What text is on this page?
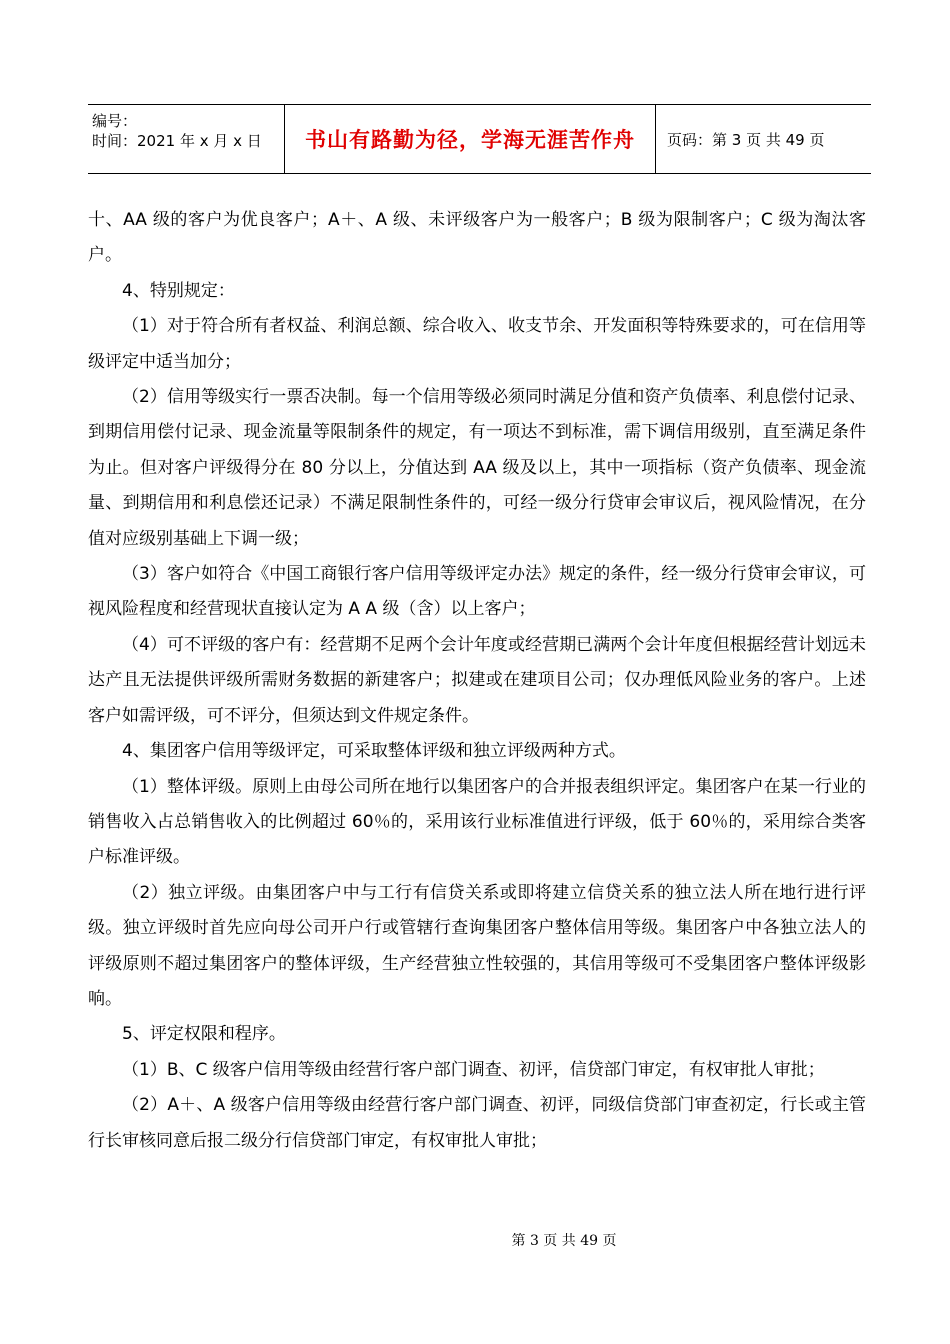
编号：
时间：2021 年 x 月 x 日	书山有路勤为径，学海无涯苦作舟 页码：第 3 页 共 49 页

十、AA 级的客户为优良客户；A＋、A 级、未评级客户为一般客户；B 级为限制客户；C 级为淘汰客户。

4、特别规定：

（1）对于符合所有者权益、利润总额、综合收入、收支节余、开发面积等特殊要求的，可在信用等级评定中适当加分；

（2）信用等级实行一票否决制。每一个信用等级必须同时满足分值和资产负债率、利息偿付记录、到期信用偿付记录、现金流量等限制条件的规定，有一项达不到标准，需下调信用级别，直至满足条件为止。但对客户评级得分在 80 分以上，分值达到 AA 级及以上，其中一项指标（资产负债率、现金流量、到期信用和利息偿还记录）不满足限制性条件的，可经一级分行贷审会审议后，视风险情况，在分值对应级别基础上下调一级；

（3）客户如符合《中国工商银行客户信用等级评定办法》规定的条件，经一级分行贷审会审议，可视风险程度和经营现状直接认定为 A A 级（含）以上客户；

（4）可不评级的客户有：经营期不足两个会计年度或经营期已满两个会计年度但根据经营计划远未达产且无法提供评级所需财务数据的新建客户；拟建或在建项目公司；仅办理低风险业务的客户。上述客户如需评级，可不评分，但须达到文件规定条件。

4、集团客户信用等级评定，可采取整体评级和独立评级两种方式。

（1）整体评级。原则上由母公司所在地行以集团客户的合并报表组织评定。集团客户在某一行业的销售收入占总销售收入的比例超过 60％的，采用该行业标准值进行评级，低于 60％的，采用综合类客户标准评级。

（2）独立评级。由集团客户中与工行有信贷关系或即将建立信贷关系的独立法人所在地行进行评级。独立评级时首先应向母公司开户行或管辖行查询集团客户整体信用等级。集团客户中各独立法人的评级原则不超过集团客户的整体评级，生产经营独立性较强的，其信用等级可不受集团客户整体评级影响。

5、评定权限和程序。

（1）B、C 级客户信用等级由经营行客户部门调查、初评，信贷部门审定，有权审批人审批；

（2）A＋、A 级客户信用等级由经营行客户部门调查、初评，同级信贷部门审查初定，行长或主管行长审核同意后报二级分行信贷部门审定，有权审批人审批；

第 3 页 共 49 页
